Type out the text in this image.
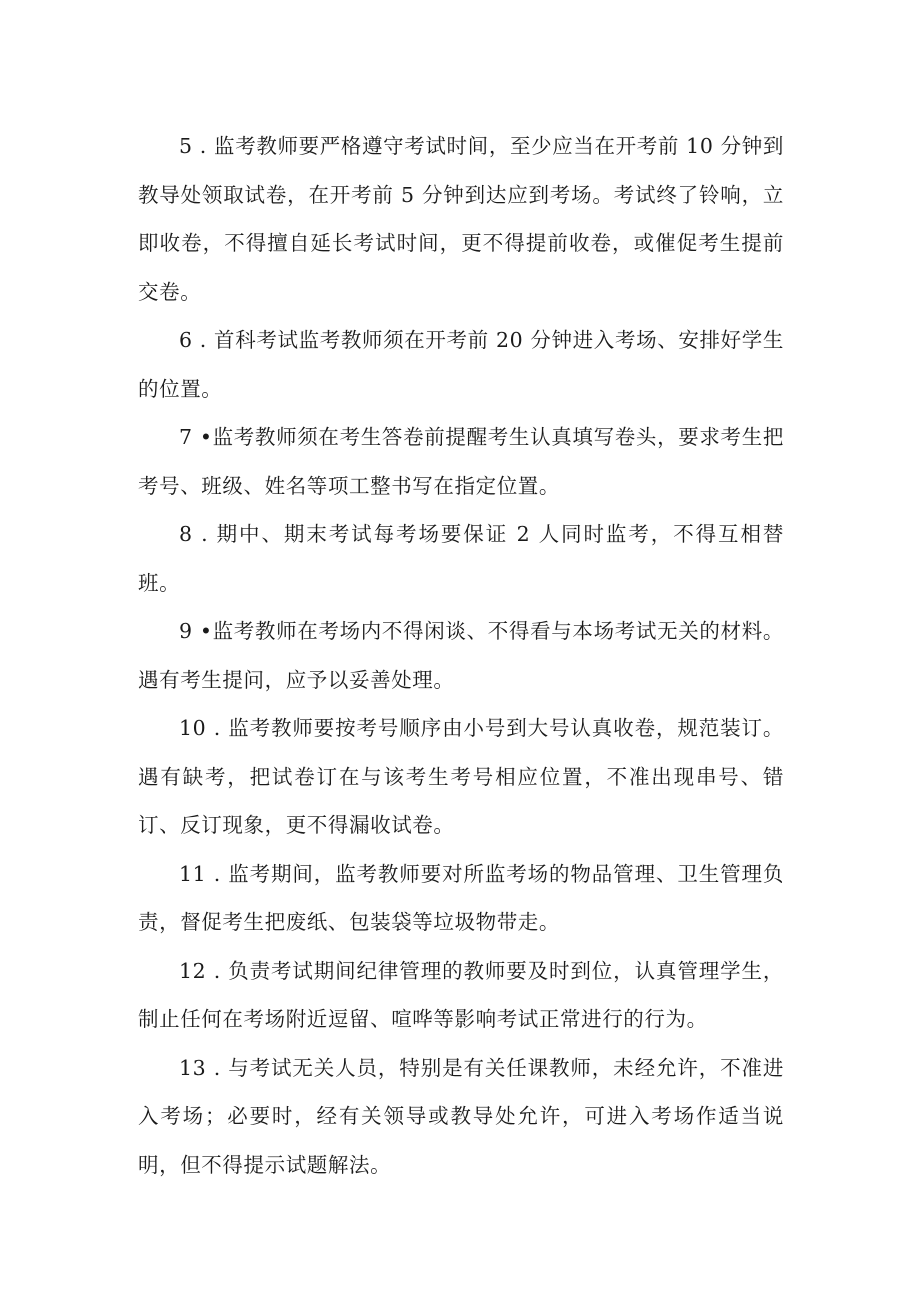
5 . 监考教师要严格遵守考试时间，至少应当在开考前 10 分钟到教导处领取试卷，在开考前 5 分钟到达应到考场。考试终了铃响，立即收卷，不得擅自延长考试时间，更不得提前收卷，或催促考生提前交卷。

6 . 首科考试监考教师须在开考前 20 分钟进入考场、安排好学生的位置。

7 •监考教师须在考生答卷前提醒考生认真填写卷头，要求考生把考号、班级、姓名等项工整书写在指定位置。

8 . 期中、期末考试每考场要保证 2 人同时监考，不得互相替班。

9 •监考教师在考场内不得闲谈、不得看与本场考试无关的材料。遇有考生提问，应予以妥善处理。

10 . 监考教师要按考号顺序由小号到大号认真收卷，规范装订。遇有缺考，把试卷订在与该考生考号相应位置，不准出现串号、错订、反订现象，更不得漏收试卷。

11 . 监考期间，监考教师要对所监考场的物品管理、卫生管理负责，督促考生把废纸、包装袋等垃圾物带走。

12 . 负责考试期间纪律管理的教师要及时到位，认真管理学生，制止任何在考场附近逗留、喧哗等影响考试正常进行的行为。

13 . 与考试无关人员，特别是有关任课教师，未经允许，不准进入考场；必要时，经有关领导或教导处允许，可进入考场作适当说明，但不得提示试题解法。
